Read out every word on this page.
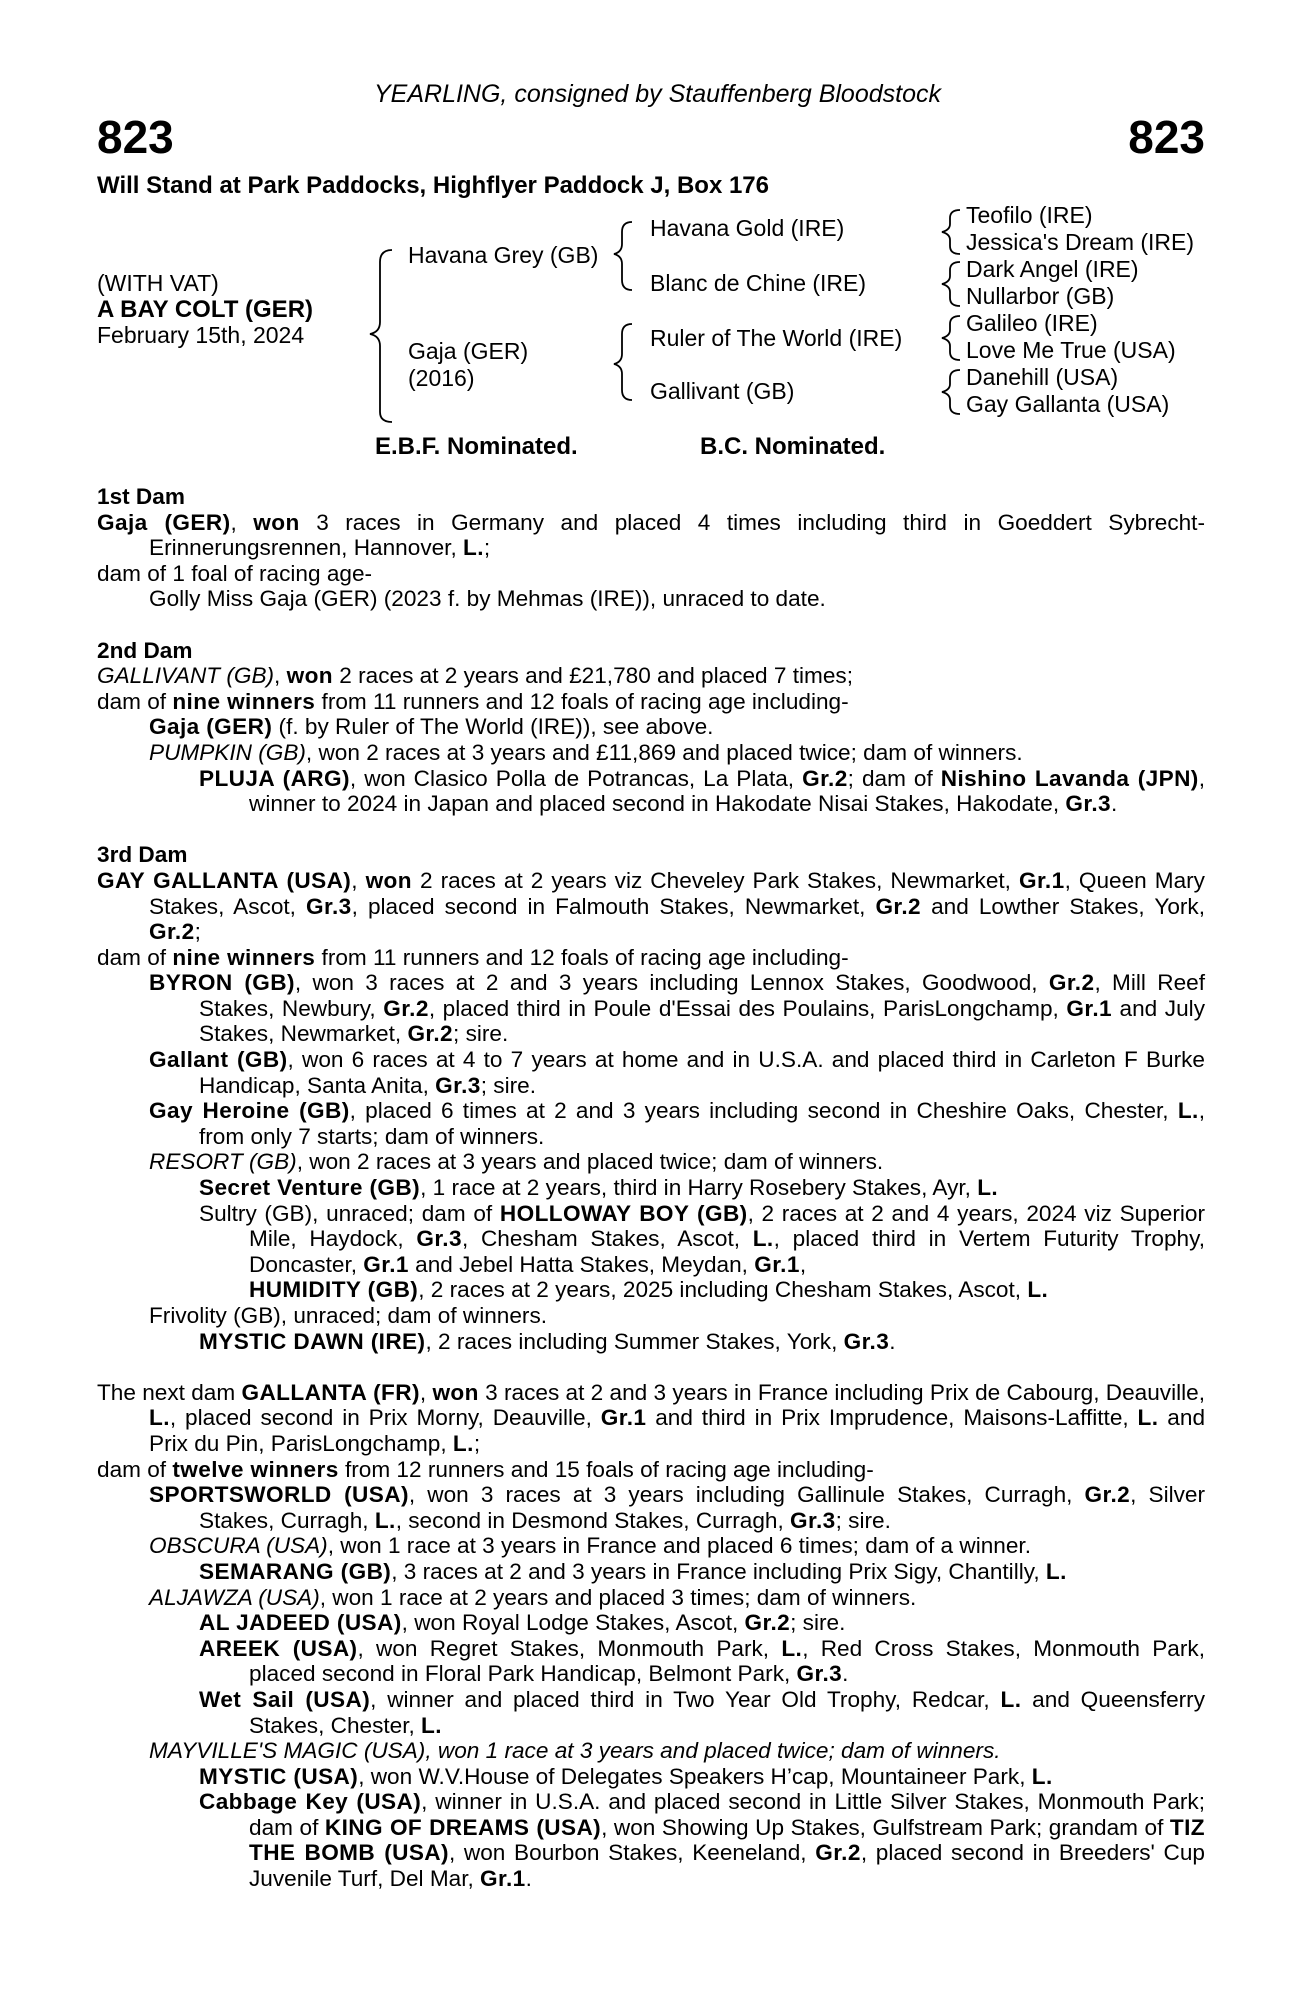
YEARLING, consigned by Stauffenberg Bloodstock
823	823
Will Stand at Park Paddocks, Highflyer Paddock J, Box 176
(WITH VAT)
A BAY COLT (GER)
February 15th, 2024
Havana Grey (GB)
Gaja (GER)
(2016)
Havana Gold (IRE)
Blanc de Chine (IRE)
Ruler of The World (IRE)
Gallivant (GB)
Teofilo (IRE)
Jessica's Dream (IRE)
Dark Angel (IRE)
Nullarbor (GB)
Galileo (IRE)
Love Me True (USA)
Danehill (USA)
Gay Gallanta (USA)
E.B.F. Nominated.	B.C. Nominated.
1st Dam
Gaja (GER), won 3 races in Germany and placed 4 times including third in Goeddert Sybrecht-Erinnerungsrennen, Hannover, L.;
dam of 1 foal of racing age-
Golly Miss Gaja (GER) (2023 f. by Mehmas (IRE)), unraced to date.
2nd Dam
GALLIVANT (GB), won 2 races at 2 years and £21,780 and placed 7 times;
dam of nine winners from 11 runners and 12 foals of racing age including-
Gaja (GER) (f. by Ruler of The World (IRE)), see above.
PUMPKIN (GB), won 2 races at 3 years and £11,869 and placed twice; dam of winners.
PLUJA (ARG), won Clasico Polla de Potrancas, La Plata, Gr.2; dam of Nishino Lavanda (JPN), winner to 2024 in Japan and placed second in Hakodate Nisai Stakes, Hakodate, Gr.3.
3rd Dam
GAY GALLANTA (USA), won 2 races at 2 years viz Cheveley Park Stakes, Newmarket, Gr.1, Queen Mary Stakes, Ascot, Gr.3, placed second in Falmouth Stakes, Newmarket, Gr.2 and Lowther Stakes, York, Gr.2;
dam of nine winners from 11 runners and 12 foals of racing age including-
BYRON (GB), won 3 races at 2 and 3 years including Lennox Stakes, Goodwood, Gr.2, Mill Reef Stakes, Newbury, Gr.2, placed third in Poule d'Essai des Poulains, ParisLongchamp, Gr.1 and July Stakes, Newmarket, Gr.2; sire.
Gallant (GB), won 6 races at 4 to 7 years at home and in U.S.A. and placed third in Carleton F Burke Handicap, Santa Anita, Gr.3; sire.
Gay Heroine (GB), placed 6 times at 2 and 3 years including second in Cheshire Oaks, Chester, L., from only 7 starts; dam of winners.
RESORT (GB), won 2 races at 3 years and placed twice; dam of winners.
Secret Venture (GB), 1 race at 2 years, third in Harry Rosebery Stakes, Ayr, L.
Sultry (GB), unraced; dam of HOLLOWAY BOY (GB), 2 races at 2 and 4 years, 2024 viz Superior Mile, Haydock, Gr.3, Chesham Stakes, Ascot, L., placed third in Vertem Futurity Trophy, Doncaster, Gr.1 and Jebel Hatta Stakes, Meydan, Gr.1,
HUMIDITY (GB), 2 races at 2 years, 2025 including Chesham Stakes, Ascot, L.
Frivolity (GB), unraced; dam of winners.
MYSTIC DAWN (IRE), 2 races including Summer Stakes, York, Gr.3.
The next dam GALLANTA (FR), won 3 races at 2 and 3 years in France including Prix de Cabourg, Deauville, L., placed second in Prix Morny, Deauville, Gr.1 and third in Prix Imprudence, Maisons-Laffitte, L. and Prix du Pin, ParisLongchamp, L.;
dam of twelve winners from 12 runners and 15 foals of racing age including-
SPORTSWORLD (USA), won 3 races at 3 years including Gallinule Stakes, Curragh, Gr.2, Silver Stakes, Curragh, L., second in Desmond Stakes, Curragh, Gr.3; sire.
OBSCURA (USA), won 1 race at 3 years in France and placed 6 times; dam of a winner.
SEMARANG (GB), 3 races at 2 and 3 years in France including Prix Sigy, Chantilly, L.
ALJAWZA (USA), won 1 race at 2 years and placed 3 times; dam of winners.
AL JADEED (USA), won Royal Lodge Stakes, Ascot, Gr.2; sire.
AREEK (USA), won Regret Stakes, Monmouth Park, L., Red Cross Stakes, Monmouth Park, placed second in Floral Park Handicap, Belmont Park, Gr.3.
Wet Sail (USA), winner and placed third in Two Year Old Trophy, Redcar, L. and Queensferry Stakes, Chester, L.
MAYVILLE'S MAGIC (USA), won 1 race at 3 years and placed twice; dam of winners.
MYSTIC (USA), won W.V.House of Delegates Speakers H’cap, Mountaineer Park, L.
Cabbage Key (USA), winner in U.S.A. and placed second in Little Silver Stakes, Monmouth Park; dam of KING OF DREAMS (USA), won Showing Up Stakes, Gulfstream Park; grandam of TIZ THE BOMB (USA), won Bourbon Stakes, Keeneland, Gr.2, placed second in Breeders' Cup Juvenile Turf, Del Mar, Gr.1.
